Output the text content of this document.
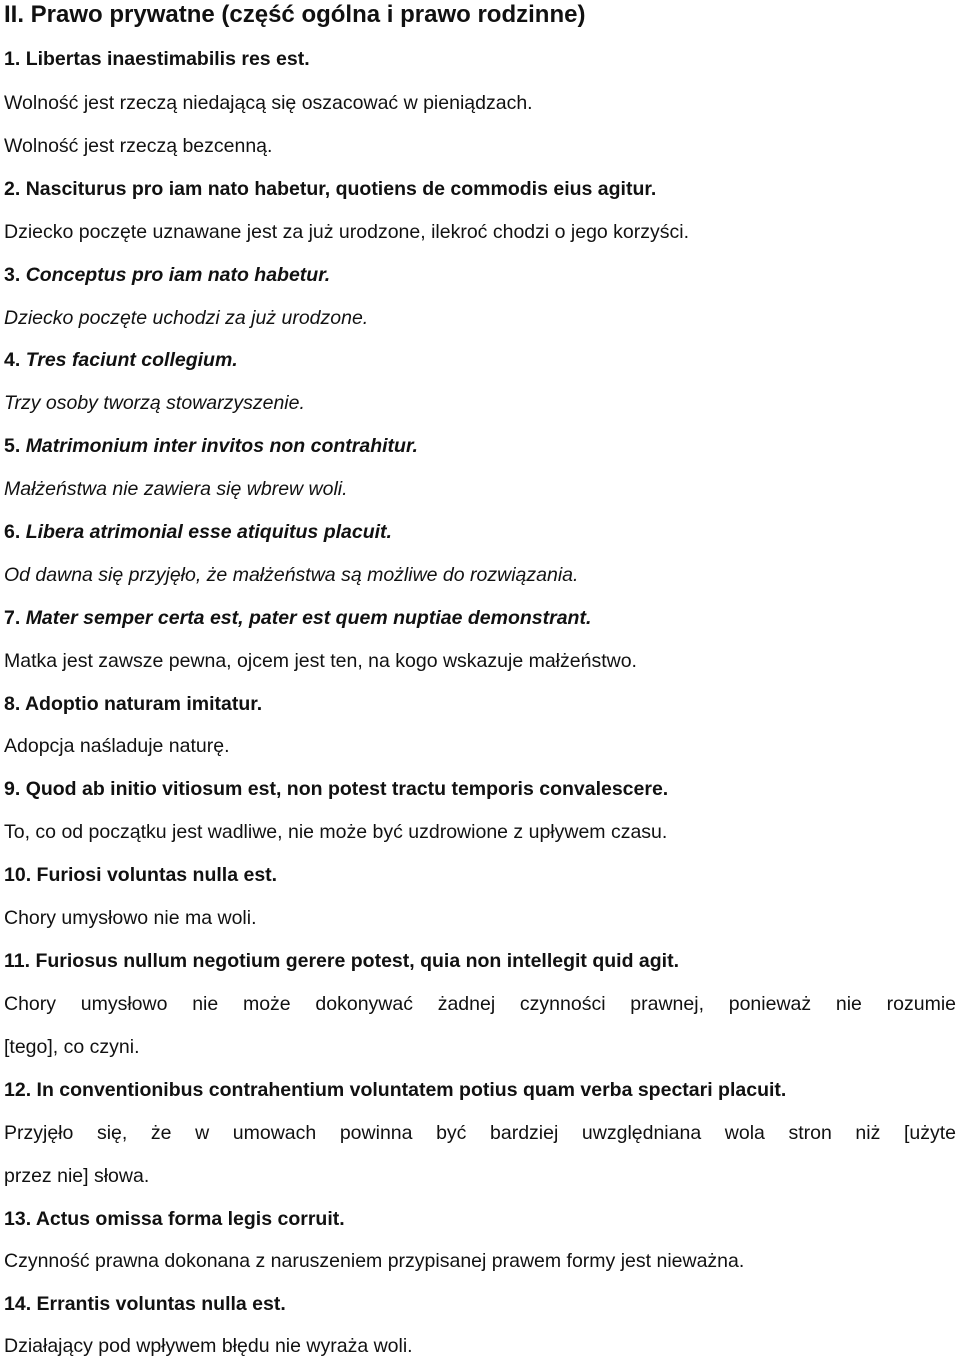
II. Prawo prywatne (część ogólna i prawo rodzinne)
1. Libertas inaestimabilis res est.
Wolność jest rzeczą niedającą się oszacować w pieniądzach.
Wolność jest rzeczą bezcenną.
2. Nasciturus pro iam nato habetur, quotiens de commodis eius agitur.
Dziecko poczęte uznawane jest za już urodzone, ilekroć chodzi o jego korzyści.
3. Conceptus pro iam nato habetur.
Dziecko poczęte uchodzi za już urodzone.
4. Tres faciunt collegium.
Trzy osoby tworzą stowarzyszenie.
5. Matrimonium inter invitos non contrahitur.
Małżeństwa nie zawiera się wbrew woli.
6. Libera atrimonial esse atiquitus placuit.
Od dawna się przyjęło, że małżeństwa są możliwe do rozwiązania.
7. Mater semper certa est, pater est quem nuptiae demonstrant.
Matka jest zawsze pewna, ojcem jest ten, na kogo wskazuje małżeństwo.
8. Adoptio naturam imitatur.
Adopcja naśladuje naturę.
9. Quod ab initio vitiosum est, non potest tractu temporis convalescere.
To, co od początku jest wadliwe, nie może być uzdrowione z upływem czasu.
10. Furiosi voluntas nulla est.
Chory umysłowo nie ma woli.
11. Furiosus nullum negotium gerere potest, quia non intellegit quid agit.
Chory umysłowo nie może dokonywać żadnej czynności prawnej, ponieważ nie rozumie
[tego], co czyni.
12. In conventionibus contrahentium voluntatem potius quam verba spectari placuit.
Przyjęło się, że w umowach powinna być bardziej uwzględniana wola stron niż [użyte
przez nie] słowa.
13. Actus omissa forma legis corruit.
Czynność prawna dokonana z naruszeniem przypisanej prawem formy jest nieważna.
14. Errantis voluntas nulla est.
Działający pod wpływem błędu nie wyraża woli.
